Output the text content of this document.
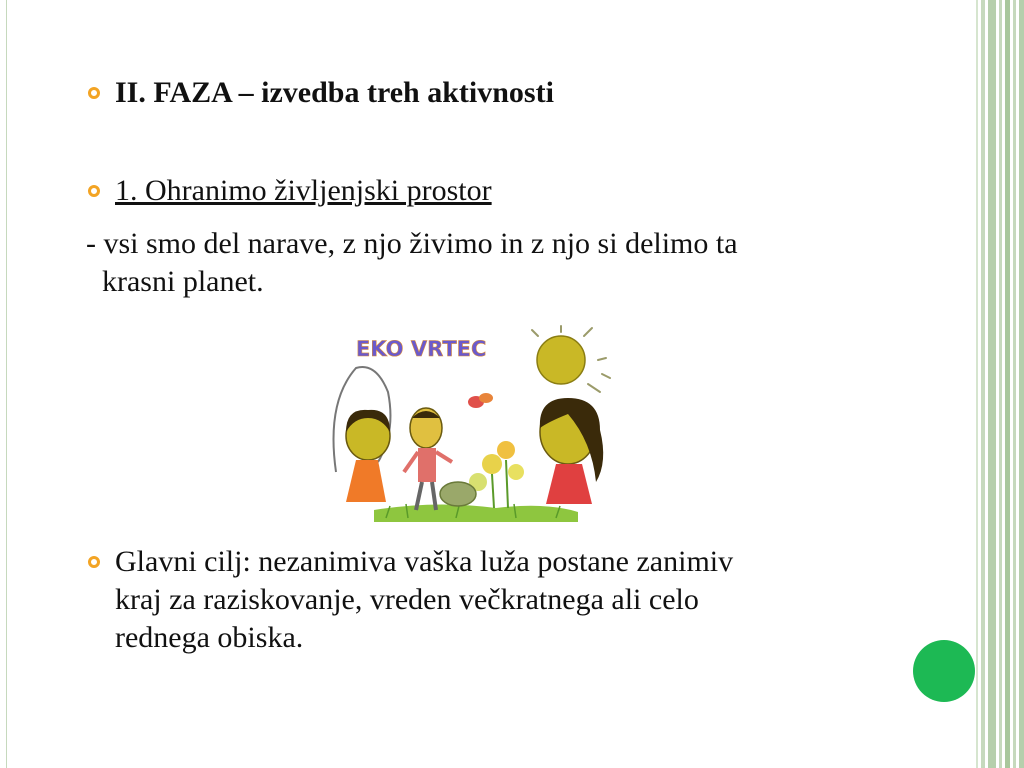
II. FAZA – izvedba treh aktivnosti
1. Ohranimo življenjski prostor
- vsi smo del narave, z njo živimo in z njo si delimo ta
krasni planet.
EKO VRTEC
Glavni cilj: nezanimiva vaška luža postane zanimiv
kraj za raziskovanje, vreden večkratnega ali celo
rednega obiska.
